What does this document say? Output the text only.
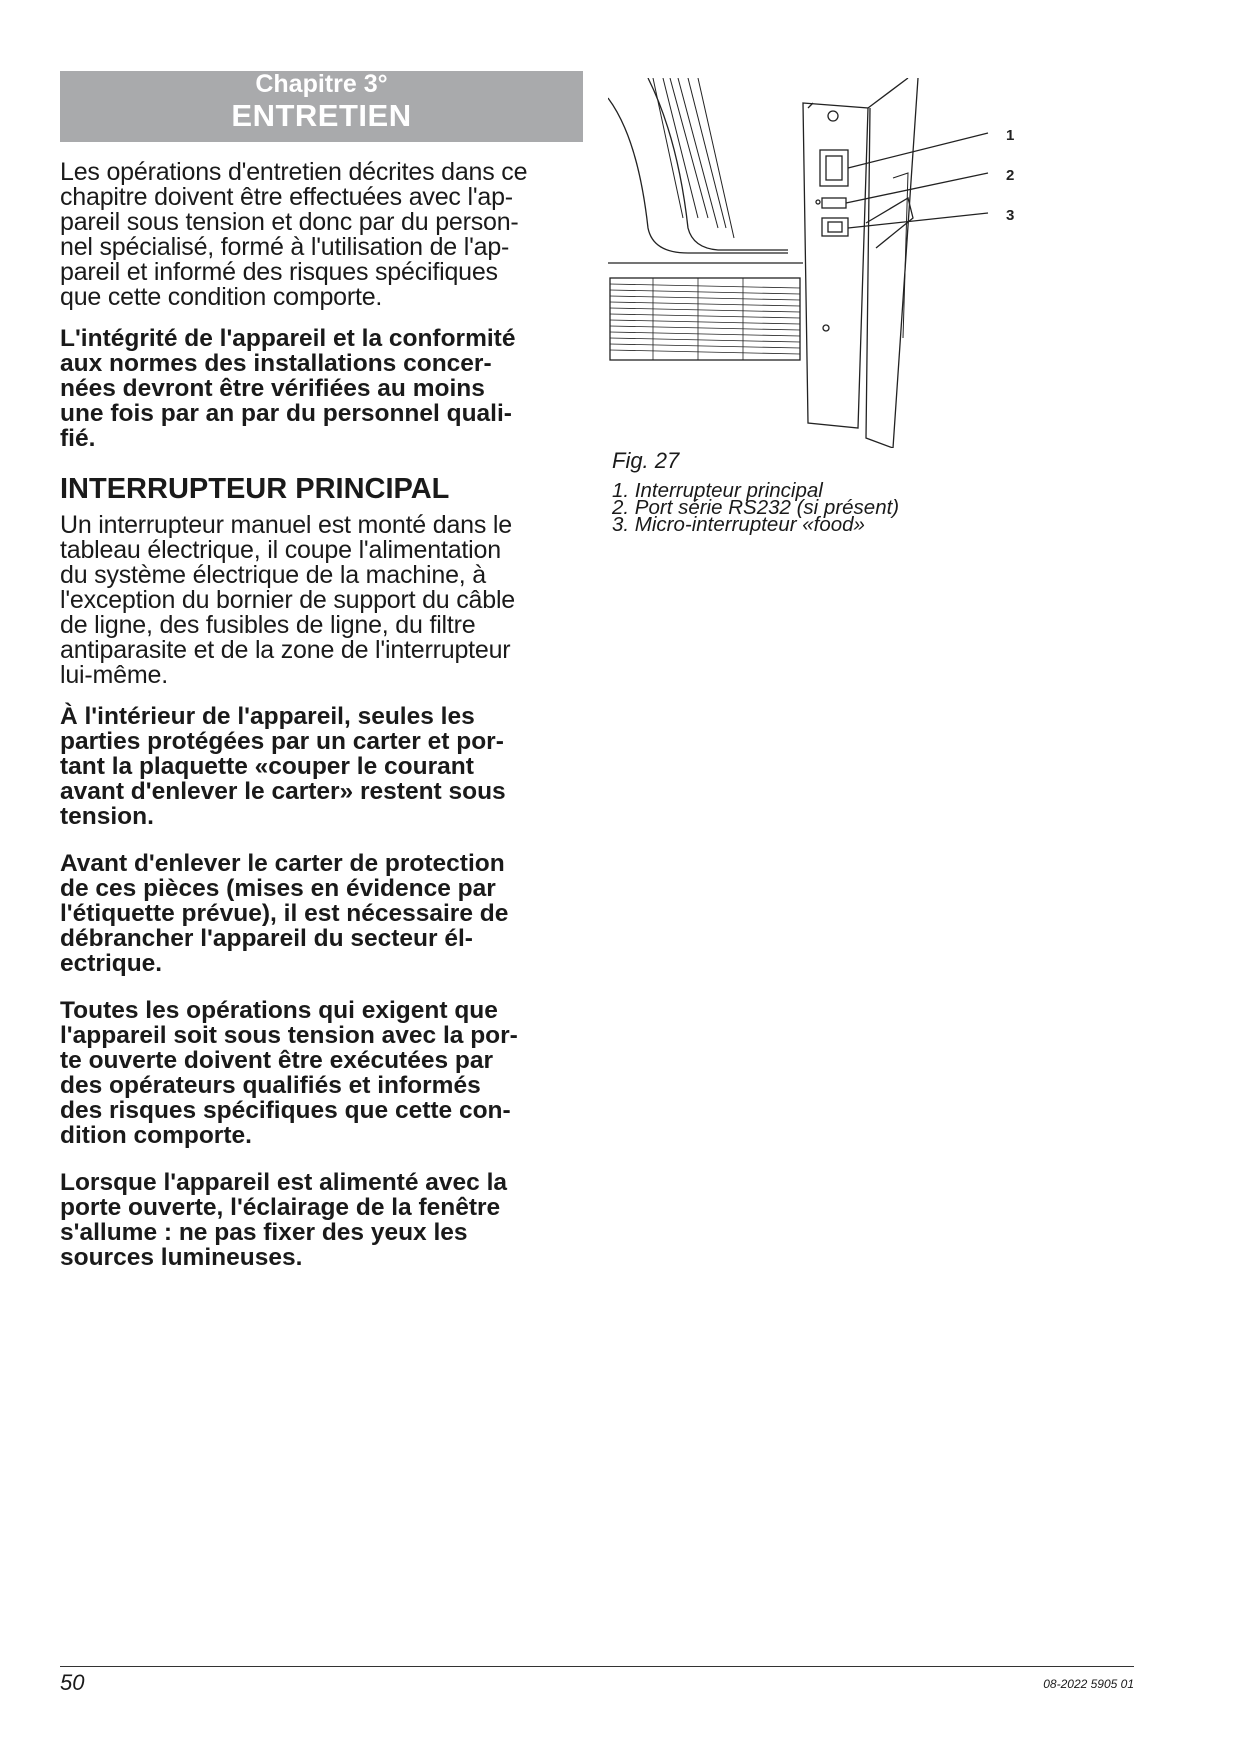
Chapitre 3°
ENTRETIEN

Les opérations d'entretien décrites dans ce
chapitre doivent être effectuées avec l'ap-
pareil sous tension et donc par du person-
nel spécialisé, formé à l'utilisation de l'ap-
pareil et informé des risques spécifiques
que cette condition comporte.

L'intégrité de l'appareil et la conformité
aux normes des installations concer-
nées devront être vérifiées au moins
une fois par an par du personnel quali-
fié.

INTERRUPTEUR PRINCIPAL

Un interrupteur manuel est monté dans le
tableau électrique, il coupe l'alimentation
du système électrique de la machine, à
l'exception du bornier de support du câble
de ligne, des fusibles de ligne, du filtre
antiparasite et de la zone de l'interrupteur
lui-même.

À l'intérieur de l'appareil, seules les
parties protégées par un carter et por-
tant la plaquette «couper le courant
avant d'enlever le carter» restent sous
tension.

Avant d'enlever le carter de protection
de ces pièces (mises en évidence par
l'étiquette prévue), il est nécessaire de
débrancher l'appareil du secteur él-
ectrique.

Toutes les opérations qui exigent que
l'appareil soit sous tension avec la por-
te ouverte doivent être exécutées par
des opérateurs qualifiés et informés
des risques spécifiques que cette con-
dition comporte.

Lorsque l'appareil est alimenté avec la
porte ouverte, l'éclairage de la fenêtre
s'allume : ne pas fixer des yeux les
sources lumineuses.

1
2
3
Fig. 27
1. Interrupteur principal
2. Port série RS232 (si présent)
3. Micro-interrupteur «food»
50	08-2022 5905 01
